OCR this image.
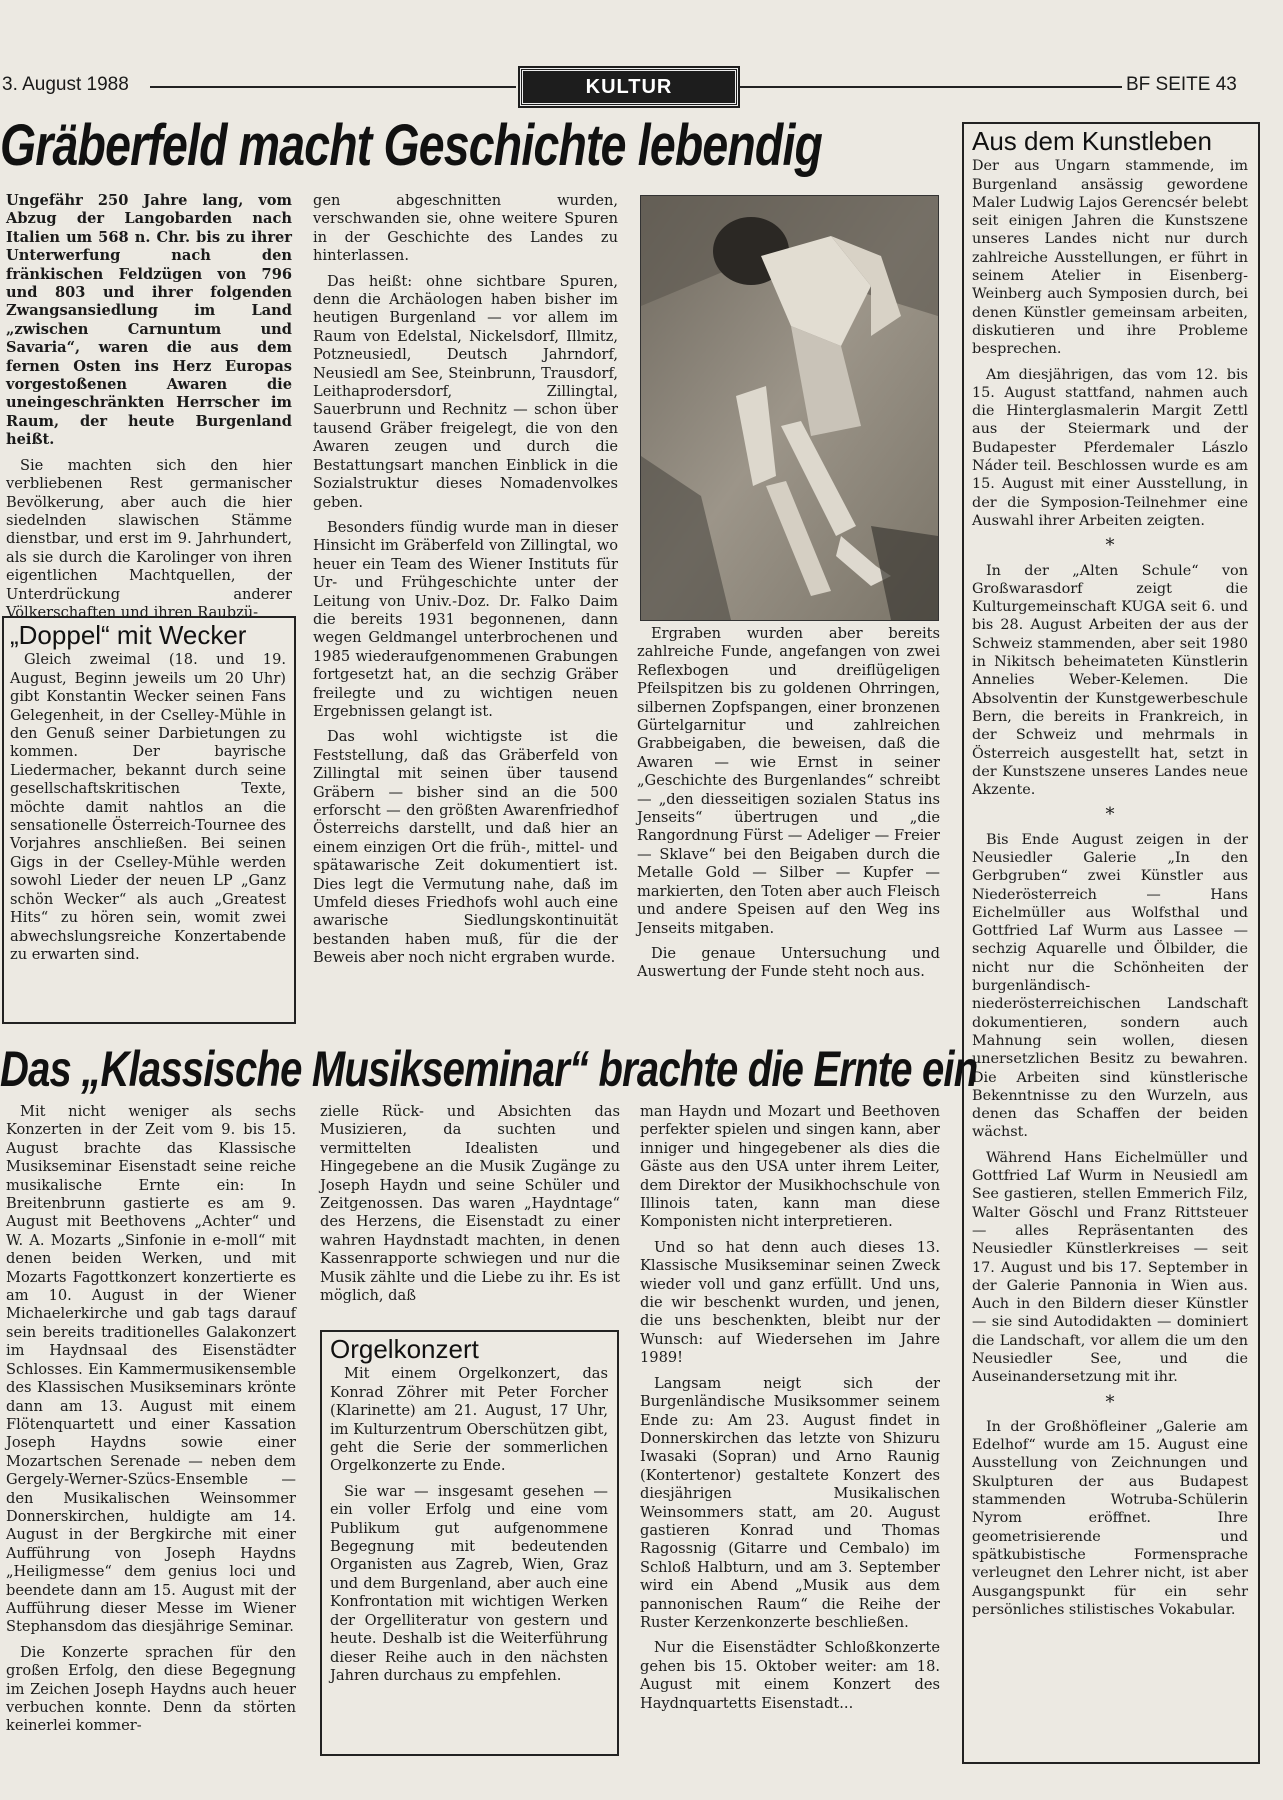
3. August 1988	KULTUR	BF SEITE 43
Gräberfeld macht Geschichte lebendig

Ungefähr 250 Jahre lang, vom Abzug der Langobarden nach Italien um 568 n. Chr. bis zu ihrer Unterwerfung nach den fränkischen Feldzügen von 796 und 803 und ihrer folgenden Zwangsansiedlung im Land „zwischen Carnuntum und Savaria“, waren die aus dem fernen Osten ins Herz Europas vorgestoßenen Awaren die uneingeschränkten Herrscher im Raum, der heute Burgenland heißt.

Sie machten sich den hier verbliebenen Rest germanischer Bevölkerung, aber auch die hier siedelnden slawischen Stämme dienstbar, und erst im 9. Jahrhundert, als sie durch die Karolinger von ihren eigentlichen Machtquellen, der Unterdrückung anderer Völkerschaften und ihren Raubzü-

„Doppel“ mit Wecker

Gleich zweimal (18. und 19. August, Beginn jeweils um 20 Uhr) gibt Konstantin Wecker seinen Fans Gelegenheit, in der Cselley-Mühle in den Genuß seiner Darbietungen zu kommen. Der bayrische Liedermacher, bekannt durch seine gesellschaftskritischen Texte, möchte damit nahtlos an die sensationelle Österreich-Tournee des Vorjahres anschließen. Bei seinen Gigs in der Cselley-Mühle werden sowohl Lieder der neuen LP „Ganz schön Wecker“ als auch „Greatest Hits“ zu hören sein, womit zwei abwechslungsreiche Konzertabende zu erwarten sind.

gen abgeschnitten wurden, verschwanden sie, ohne weitere Spuren in der Geschichte des Landes zu hinterlassen.

Das heißt: ohne sichtbare Spuren, denn die Archäologen haben bisher im heutigen Burgenland — vor allem im Raum von Edelstal, Nickelsdorf, Illmitz, Potzneusiedl, Deutsch Jahrndorf, Neusiedl am See, Steinbrunn, Trausdorf, Leithaprodersdorf, Zillingtal, Sauerbrunn und Rechnitz — schon über tausend Gräber freigelegt, die von den Awaren zeugen und durch die Bestattungsart manchen Einblick in die Sozialstruktur dieses Nomadenvolkes geben.

Besonders fündig wurde man in dieser Hinsicht im Gräberfeld von Zillingtal, wo heuer ein Team des Wiener Instituts für Ur- und Frühgeschichte unter der Leitung von Univ.-Doz. Dr. Falko Daim die bereits 1931 begonnenen, dann wegen Geldmangel unterbrochenen und 1985 wiederaufgenommenen Grabungen fortgesetzt hat, an die sechzig Gräber freilegte und zu wichtigen neuen Ergebnissen gelangt ist.

Das wohl wichtigste ist die Feststellung, daß das Gräberfeld von Zillingtal mit seinen über tausend Gräbern — bisher sind an die 500 erforscht — den größten Awarenfriedhof Österreichs darstellt, und daß hier an einem einzigen Ort die früh-, mittel- und spätawarische Zeit dokumentiert ist. Dies legt die Vermutung nahe, daß im Umfeld dieses Friedhofs wohl auch eine awarische Siedlungskontinuität bestanden haben muß, für die der Beweis aber noch nicht ergraben wurde.

Ergraben wurden aber bereits zahlreiche Funde, angefangen von zwei Reflexbogen und dreiflügeligen Pfeilspitzen bis zu goldenen Ohrringen, silbernen Zopfspangen, einer bronzenen Gürtelgarnitur und zahlreichen Grabbeigaben, die beweisen, daß die Awaren — wie Ernst in seiner „Geschichte des Burgenlandes“ schreibt — „den diesseitigen sozialen Status ins Jenseits“ übertrugen und „die Rangordnung Fürst — Adeliger — Freier — Sklave“ bei den Beigaben durch die Metalle Gold — Silber — Kupfer — markierten, den Toten aber auch Fleisch und andere Speisen auf den Weg ins Jenseits mitgaben.

Die genaue Untersuchung und Auswertung der Funde steht noch aus.

Aus dem Kunstleben

Der aus Ungarn stammende, im Burgenland ansässig gewordene Maler Ludwig Lajos Gerencsér belebt seit einigen Jahren die Kunstszene unseres Landes nicht nur durch zahlreiche Ausstellungen, er führt in seinem Atelier in Eisenberg-Weinberg auch Symposien durch, bei denen Künstler gemeinsam arbeiten, diskutieren und ihre Probleme besprechen.

Am diesjährigen, das vom 12. bis 15. August stattfand, nahmen auch die Hinterglasmalerin Margit Zettl aus der Steiermark und der Budapester Pferdemaler Lászlo Náder teil. Beschlossen wurde es am 15. August mit einer Ausstellung, in der die Symposion-Teilnehmer eine Auswahl ihrer Arbeiten zeigten.

*

In der „Alten Schule“ von Großwarasdorf zeigt die Kulturgemeinschaft KUGA seit 6. und bis 28. August Arbeiten der aus der Schweiz stammenden, aber seit 1980 in Nikitsch beheimateten Künstlerin Annelies Weber-Kelemen. Die Absolventin der Kunstgewerbeschule Bern, die bereits in Frankreich, in der Schweiz und mehrmals in Österreich ausgestellt hat, setzt in der Kunstszene unseres Landes neue Akzente.

*

Bis Ende August zeigen in der Neusiedler Galerie „In den Gerbgruben“ zwei Künstler aus Niederösterreich — Hans Eichelmüller aus Wolfsthal und Gottfried Laf Wurm aus Lassee — sechzig Aquarelle und Ölbilder, die nicht nur die Schönheiten der burgenländisch-niederösterreichischen Landschaft dokumentieren, sondern auch Mahnung sein wollen, diesen unersetzlichen Besitz zu bewahren. Die Arbeiten sind künstlerische Bekenntnisse zu den Wurzeln, aus denen das Schaffen der beiden wächst.

Während Hans Eichelmüller und Gottfried Laf Wurm in Neusiedl am See gastieren, stellen Emmerich Filz, Walter Göschl und Franz Rittsteuer — alles Repräsentanten des Neusiedler Künstlerkreises — seit 17. August und bis 17. September in der Galerie Pannonia in Wien aus. Auch in den Bildern dieser Künstler — sie sind Autodidakten — dominiert die Landschaft, vor allem die um den Neusiedler See, und die Auseinandersetzung mit ihr.

*

In der Großhöfleiner „Galerie am Edelhof“ wurde am 15. August eine Ausstellung von Zeichnungen und Skulpturen der aus Budapest stammenden Wotruba-Schülerin Nyrom eröffnet. Ihre geometrisierende und spätkubistische Formensprache verleugnet den Lehrer nicht, ist aber Ausgangspunkt für ein sehr persönliches stilistisches Vokabular.

Das „Klassische Musikseminar“ brachte die Ernte ein

Mit nicht weniger als sechs Konzerten in der Zeit vom 9. bis 15. August brachte das Klassische Musikseminar Eisenstadt seine reiche musikalische Ernte ein: In Breitenbrunn gastierte es am 9. August mit Beethovens „Achter“ und W. A. Mozarts „Sinfonie in e-moll“ mit denen beiden Werken, und mit Mozarts Fagottkonzert konzertierte es am 10. August in der Wiener Michaelerkirche und gab tags darauf sein bereits traditionelles Galakonzert im Haydnsaal des Eisenstädter Schlosses. Ein Kammermusikensemble des Klassischen Musikseminars krönte dann am 13. August mit einem Flötenquartett und einer Kassation Joseph Haydns sowie einer Mozartschen Serenade — neben dem Gergely-Werner-Szücs-Ensemble — den Musikalischen Weinsommer Donnerskirchen, huldigte am 14. August in der Bergkirche mit einer Aufführung von Joseph Haydns „Heiligmesse“ dem genius loci und beendete dann am 15. August mit der Aufführung dieser Messe im Wiener Stephansdom das diesjährige Seminar.

Die Konzerte sprachen für den großen Erfolg, den diese Begegnung im Zeichen Joseph Haydns auch heuer verbuchen konnte. Denn da störten keinerlei kommer-

zielle Rück- und Absichten das Musizieren, da suchten und vermittelten Idealisten und Hingegebene an die Musik Zugänge zu Joseph Haydn und seine Schüler und Zeitgenossen. Das waren „Haydntage“ des Herzens, die Eisenstadt zu einer wahren Haydnstadt machten, in denen Kassenrapporte schwiegen und nur die Musik zählte und die Liebe zu ihr. Es ist möglich, daß

Orgelkonzert

Mit einem Orgelkonzert, das Konrad Zöhrer mit Peter Forcher (Klarinette) am 21. August, 17 Uhr, im Kulturzentrum Oberschützen gibt, geht die Serie der sommerlichen Orgelkonzerte zu Ende.

Sie war — insgesamt gesehen — ein voller Erfolg und eine vom Publikum gut aufgenommene Begegnung mit bedeutenden Organisten aus Zagreb, Wien, Graz und dem Burgenland, aber auch eine Konfrontation mit wichtigen Werken der Orgelliteratur von gestern und heute. Deshalb ist die Weiterführung dieser Reihe auch in den nächsten Jahren durchaus zu empfehlen.

man Haydn und Mozart und Beethoven perfekter spielen und singen kann, aber inniger und hingegebener als dies die Gäste aus den USA unter ihrem Leiter, dem Direktor der Musikhochschule von Illinois taten, kann man diese Komponisten nicht interpretieren.

Und so hat denn auch dieses 13. Klassische Musikseminar seinen Zweck wieder voll und ganz erfüllt. Und uns, die wir beschenkt wurden, und jenen, die uns beschenkten, bleibt nur der Wunsch: auf Wiedersehen im Jahre 1989!

Langsam neigt sich der Burgenländische Musiksommer seinem Ende zu: Am 23. August findet in Donnerskirchen das letzte von Shizuru Iwasaki (Sopran) und Arno Raunig (Kontertenor) gestaltete Konzert des diesjährigen Musikalischen Weinsommers statt, am 20. August gastieren Konrad und Thomas Ragossnig (Gitarre und Cembalo) im Schloß Halbturn, und am 3. September wird ein Abend „Musik aus dem pannonischen Raum“ die Reihe der Ruster Kerzenkonzerte beschließen.

Nur die Eisenstädter Schloßkonzerte gehen bis 15. Oktober weiter: am 18. August mit einem Konzert des Haydnquartetts Eisenstadt...
